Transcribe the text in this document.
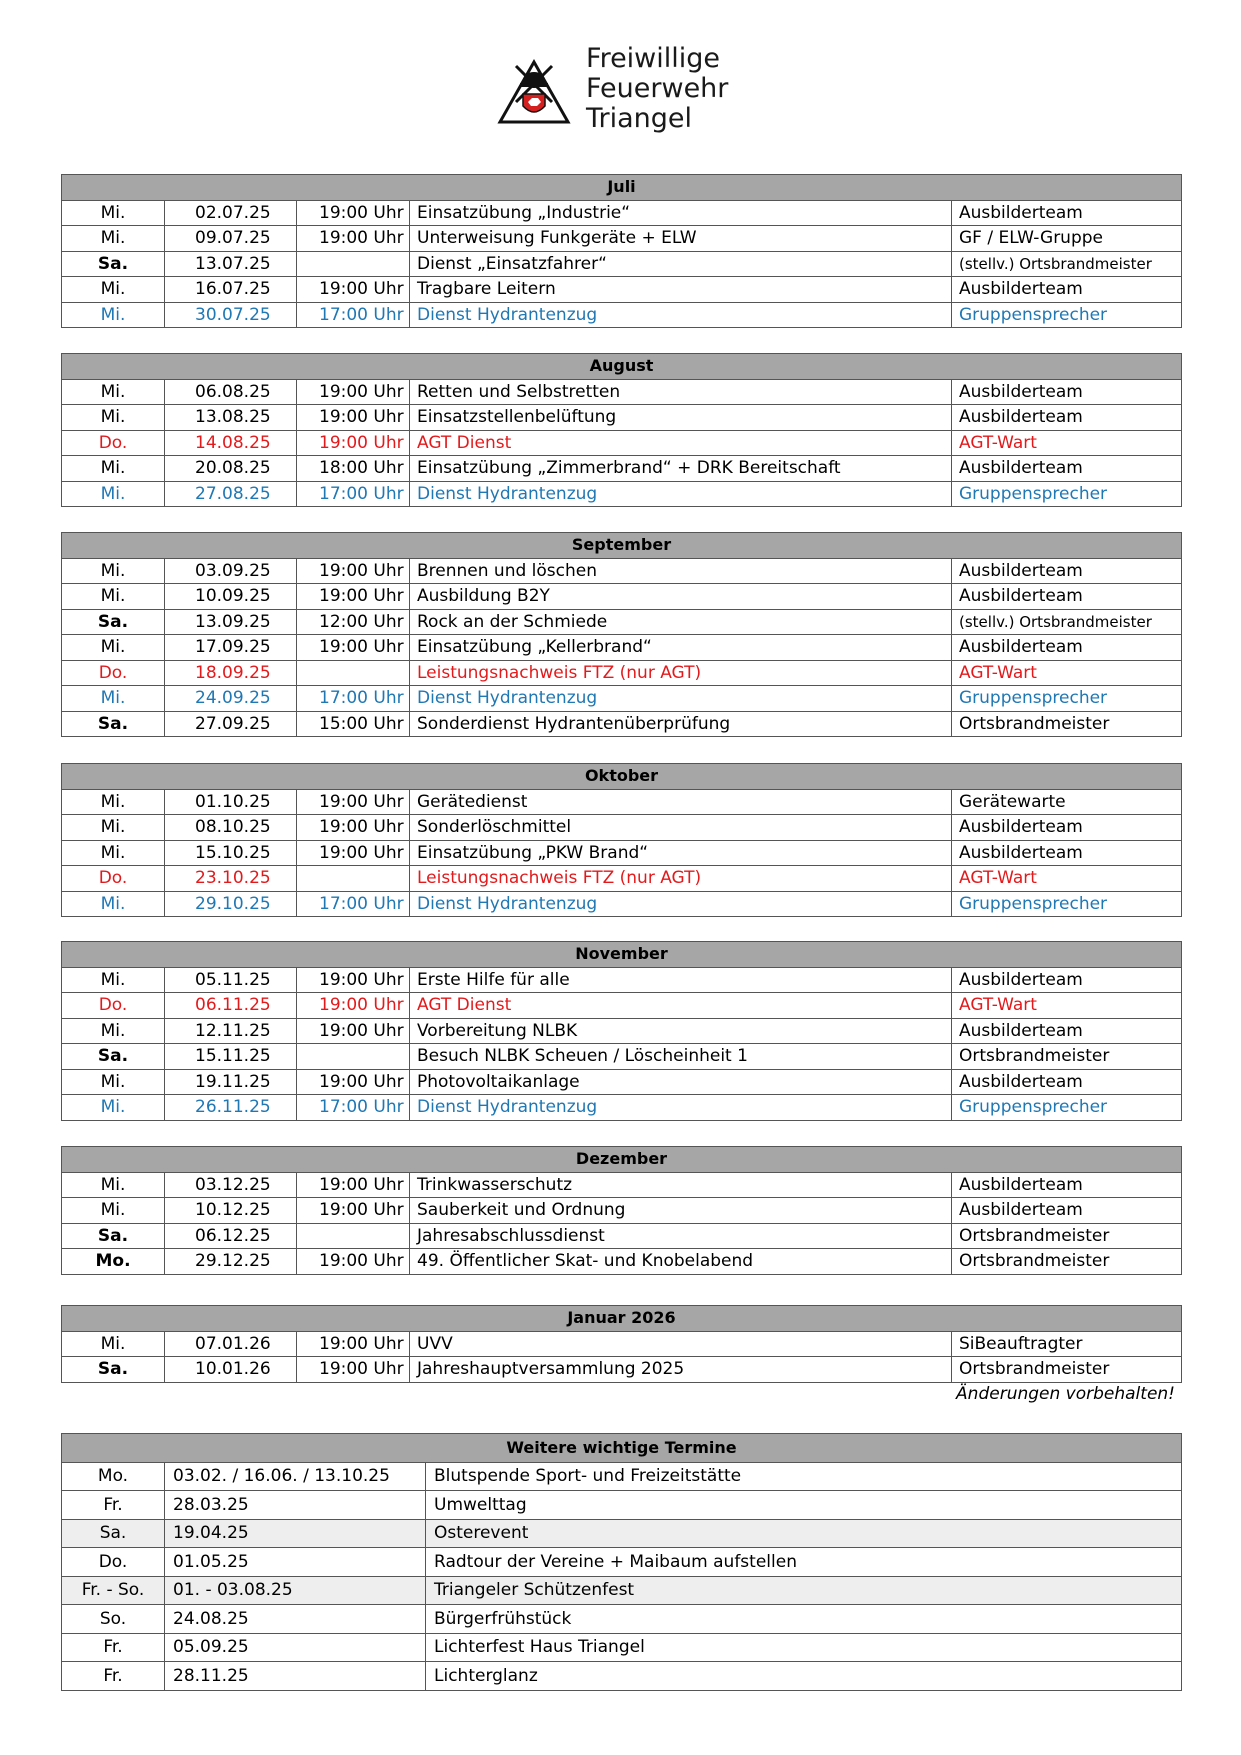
Freiwillige
Feuerwehr
Triangel
Juli				
Mi.	02.07.25	19:00 Uhr	Einsatzübung „Industrie“	Ausbilderteam
Mi.	09.07.25	19:00 Uhr	Unterweisung Funkgeräte + ELW	GF / ELW-Gruppe
Sa.	13.07.25		Dienst „Einsatzfahrer“	(stellv.) Ortsbrandmeister
Mi.	16.07.25	19:00 Uhr	Tragbare Leitern	Ausbilderteam
Mi.	30.07.25	17:00 Uhr	Dienst Hydrantenzug	Gruppensprecher
August				
Mi.	06.08.25	19:00 Uhr	Retten und Selbstretten	Ausbilderteam
Mi.	13.08.25	19:00 Uhr	Einsatzstellenbelüftung	Ausbilderteam
Do.	14.08.25	19:00 Uhr	AGT Dienst	AGT-Wart
Mi.	20.08.25	18:00 Uhr	Einsatzübung „Zimmerbrand“ + DRK Bereitschaft	Ausbilderteam
Mi.	27.08.25	17:00 Uhr	Dienst Hydrantenzug	Gruppensprecher
September				
Mi.	03.09.25	19:00 Uhr	Brennen und löschen	Ausbilderteam
Mi.	10.09.25	19:00 Uhr	Ausbildung B2Y	Ausbilderteam
Sa.	13.09.25	12:00 Uhr	Rock an der Schmiede	(stellv.) Ortsbrandmeister
Mi.	17.09.25	19:00 Uhr	Einsatzübung „Kellerbrand“	Ausbilderteam
Do.	18.09.25		Leistungsnachweis FTZ (nur AGT)	AGT-Wart
Mi.	24.09.25	17:00 Uhr	Dienst Hydrantenzug	Gruppensprecher
Sa.	27.09.25	15:00 Uhr	Sonderdienst Hydrantenüberprüfung	Ortsbrandmeister
Oktober				
Mi.	01.10.25	19:00 Uhr	Gerätedienst	Gerätewarte
Mi.	08.10.25	19:00 Uhr	Sonderlöschmittel	Ausbilderteam
Mi.	15.10.25	19:00 Uhr	Einsatzübung „PKW Brand“	Ausbilderteam
Do.	23.10.25		Leistungsnachweis FTZ (nur AGT)	AGT-Wart
Mi.	29.10.25	17:00 Uhr	Dienst Hydrantenzug	Gruppensprecher
November				
Mi.	05.11.25	19:00 Uhr	Erste Hilfe für alle	Ausbilderteam
Do.	06.11.25	19:00 Uhr	AGT Dienst	AGT-Wart
Mi.	12.11.25	19:00 Uhr	Vorbereitung NLBK	Ausbilderteam
Sa.	15.11.25		Besuch NLBK Scheuen / Löscheinheit 1	Ortsbrandmeister
Mi.	19.11.25	19:00 Uhr	Photovoltaikanlage	Ausbilderteam
Mi.	26.11.25	17:00 Uhr	Dienst Hydrantenzug	Gruppensprecher
Dezember				
Mi.	03.12.25	19:00 Uhr	Trinkwasserschutz	Ausbilderteam
Mi.	10.12.25	19:00 Uhr	Sauberkeit und Ordnung	Ausbilderteam
Sa.	06.12.25		Jahresabschlussdienst	Ortsbrandmeister
Mo.	29.12.25	19:00 Uhr	49. Öffentlicher Skat- und Knobelabend	Ortsbrandmeister
Januar 2026				
Mi.	07.01.26	19:00 Uhr	UVV	SiBeauftragter
Sa.	10.01.26	19:00 Uhr	Jahreshauptversammlung 2025	Ortsbrandmeister
Änderungen vorbehalten!
Weitere wichtige Termine		
Mo.	03.02. / 16.06. / 13.10.25	Blutspende Sport- und Freizeitstätte
Fr.	28.03.25	Umwelttag
Sa.	19.04.25	Osterevent
Do.	01.05.25	Radtour der Vereine + Maibaum aufstellen
Fr. - So.	01. - 03.08.25	Triangeler Schützenfest
So.	24.08.25	Bürgerfrühstück
Fr.	05.09.25	Lichterfest Haus Triangel
Fr.	28.11.25	Lichterglanz
